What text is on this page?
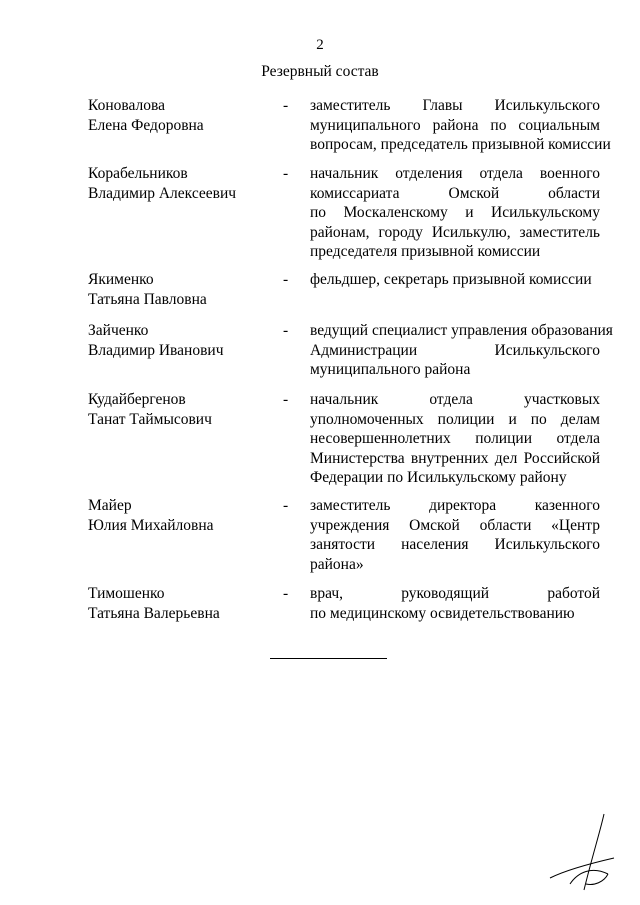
2
Резервный состав
Коновалова
Елена Федоровна
- заместитель Главы Исилькульского
муниципального района по социальным
вопросам, председатель призывной комиссии
Корабельников
Владимир Алексеевич
- начальник отделения отдела военного
комиссариата Омской области
по Москаленскому и Исилькульскому
районам, городу Исилькулю, заместитель
председателя призывной комиссии
Якименко
Татьяна Павловна
- фельдшер, секретарь призывной комиссии
Зайченко
Владимир Иванович
- ведущий специалист управления образования
Администрации Исилькульского
муниципального района
Кудайбергенов
Танат Таймысович
- начальник отдела участковых
уполномоченных полиции и по делам
несовершеннолетних полиции отдела
Министерства внутренних дел Российской
Федерации по Исилькульскому району
Майер
Юлия Михайловна
- заместитель директора казенного
учреждения Омской области «Центр
занятости населения Исилькульского
района»
Тимошенко
Татьяна Валерьевна
- врач, руководящий работой
по медицинскому освидетельствованию
